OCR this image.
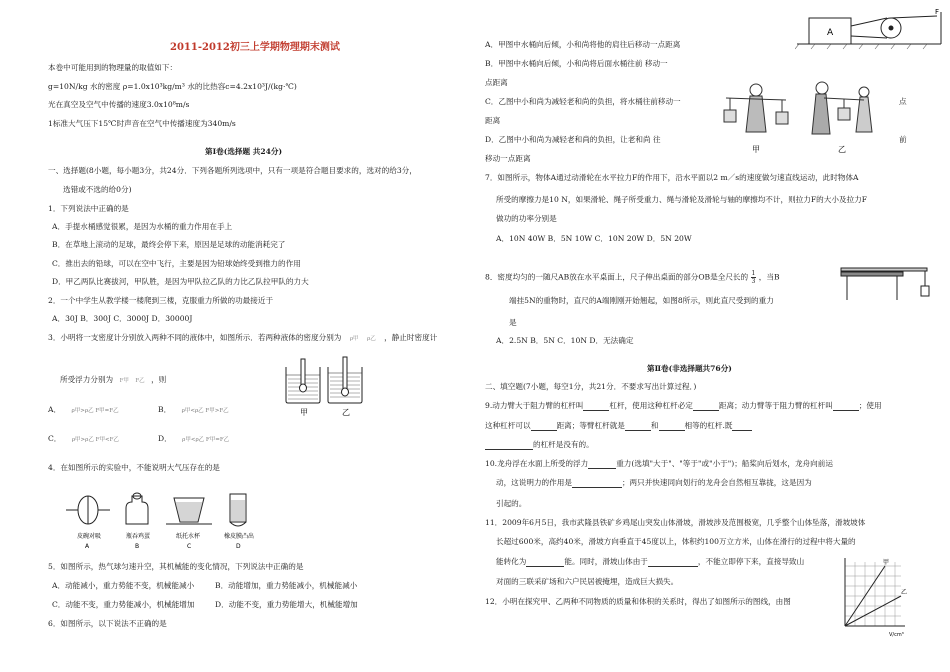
2011-2012初三上学期物理期末测试
本卷中可能用到的物理量的取值如下：
g=10N/kg 水的密度 ρ=1.0x10³kg/m³ 水的比热容c=4.2x10³J/(kg·℃)
光在真空及空气中传播的速度3.0x10⁸m/s
1标准大气压下15℃时声音在空气中传播速度为340m/s
第Ⅰ卷(选择题 共24分)
一、选择题(8小题，每小题3分，共24分．下列各题所列选项中，只有一项是符合题目要求的，选对的给3分，
选错或不选的给0分)
1．下列说法中正确的是
A．手提水桶感觉很累，是因为水桶的重力作用在手上
B．在草地上滚动的足球，最终会停下来，原因是足球的动能消耗完了
C．推出去的铅球，可以在空中飞行，主要是因为铅球始终受到推力的作用
D．甲乙两队比赛拔河，甲队胜，是因为甲队拉乙队的力比乙队拉甲队的力大
2．一个中学生从教学楼一楼爬到三楼，克服重力所做的功最接近于
A．30J B．300J C．3000J D．30000J
3．小明将一支密度计分别放入两种不同的液体中，如图所示．若两种液体的密度分别为 ρ甲 ρ乙 ，静止时密度计
所受浮力分别为 F甲 F乙 ，则
A． ρ甲>ρ乙 F甲=F乙	B． ρ甲<ρ乙 F甲>F乙
C． ρ甲>ρ乙 F甲<F乙	D． ρ甲<ρ乙 F甲=F乙
甲	乙
4．在如图所示的实验中，不能说明大气压存在的是
皮碗对吸	瓶吞鸡蛋	纸托水杯	橡皮膜凸出
A	B	C	D
5．如图所示，热气球匀速升空，其机械能的变化情况，下列说法中正确的是
A．动能减小，重力势能不变，机械能减小	B．动能增加，重力势能减小，机械能减小
C．动能不变，重力势能减小，机械能增加	D．动能不变，重力势能增大，机械能增加
6．如图所示，以下说法不正确的是
A
F
A．甲图中水桶向后倾，小和尚将他的肩往后移动一点距离
B．甲图中水桶向后倾，小和尚将后面水桶往前 移动一
点距离
C．乙图中小和尚为减轻老和尚的负担，将水桶往前移动一	点
距离
D．乙图中小和尚为减轻老和尚的负担，让老和尚 往	前
移动一点距离
甲	乙
7．如图所示，物体A通过动滑轮在水平拉力F的作用下，沿水平面以2 m／s的速度做匀速直线运动，此时物体A
所受的摩擦力是10 N，如果滑轮、绳子所受重力、绳与滑轮及滑轮与轴的摩擦均不计，则拉力F的大小及拉力F
做功的功率分别是
A．10N 40W B．5N 10W C．10N 20W D．5N 20W
8．密度均匀的一随尺AB放在水平桌面上，尺子伸出桌面的部分OB是全尺长的 $\frac{1}{3}$ ，当B
端挂5N的重物时，直尺的A端刚刚开始翘起，如图8所示，则此直尺受到的重力
是
A．2.5N B．5N C．10N D．无法确定
第Ⅱ卷(非选择题共76分)
二、填空题(7小题，每空1分，共21分．不要求写出计算过程．)
9.动力臂大于阻力臂的杠杆叫	杠杆，使用这种杠杆必定	距离；动力臂等于阻力臂的杠杆叫	；使用
这种杠杆可以	距离；等臂杠杆就是	和	相等的杠杆.既
的杠杆是没有的。
10.龙舟浮在水面上所受的浮力	重力(选填"大于"、"等于"或"小于")；船桨向后划水，龙舟向前运
动，这说明力的作用是	；两只并快速同向划行的龙舟会自然相互靠拢，这是因为
引起的。
11．2009年6月5日，我市武隆县铁矿乡鸡尾山突发山体滑坡，滑坡涉及范围极宽，几乎整个山体坠落，滑坡坡体
长超过600米，高约40米，滑坡方向垂直于45度以上，体积约100万立方米，山体在滑行的过程中将大量的
能转化为	能。同时，滑坡山体由于	，不能立即停下来，直接导致山
对面的三联采矿场和六户民居被掩埋，造成巨大损失。
12．小明在探究甲、乙两种不同物质的质量和体积的关系时，得出了如图所示的图线，由图
甲
乙
V/cm³
